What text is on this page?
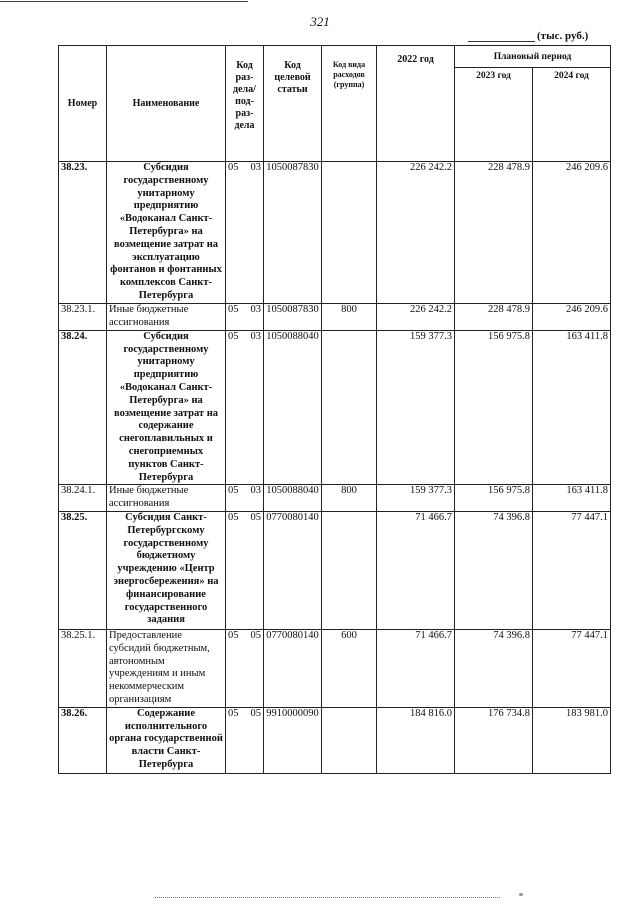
321
(тыс. руб.)
Номер	Наименование	Код раз-дела/ под-раз-дела	Код целевой статьи	Код вида расходов (группа)	2022 год	Плановый период	
						2023 год	2024 год
38.23.	Субсидия государственному унитарному предприятию «Водоканал Санкт-Петербурга» на возмещение затрат на эксплуатацию фонтанов и фонтанных комплексов Санкт-Петербурга	05 03	1050087830		226 242.2	228 478.9	246 209.6
38.23.1.	Иные бюджетные ассигнования	05 03	1050087830	800	226 242.2	228 478.9	246 209.6
38.24.	Субсидия государственному унитарному предприятию «Водоканал Санкт-Петербурга» на возмещение затрат на содержание снегоплавильных и снегоприемных пунктов Санкт-Петербурга	05 03	1050088040		159 377.3	156 975.8	163 411.8
38.24.1.	Иные бюджетные ассигнования	05 03	1050088040	800	159 377.3	156 975.8	163 411.8
38.25.	Субсидия Санкт-Петербургскому государственному бюджетному учреждению «Центр энергосбережения» на финансирование государственного задания	05 05	0770080140		71 466.7	74 396.8	77 447.1
38.25.1.	Предоставление субсидий бюджетным, автономным учреждениям и иным некоммерческим организациям	05 05	0770080140	600	71 466.7	74 396.8	77 447.1
38.26.	Содержание исполнительного органа государственной власти Санкт-Петербурга	05 05	9910000090		184 816.0	176 734.8	183 981.0
